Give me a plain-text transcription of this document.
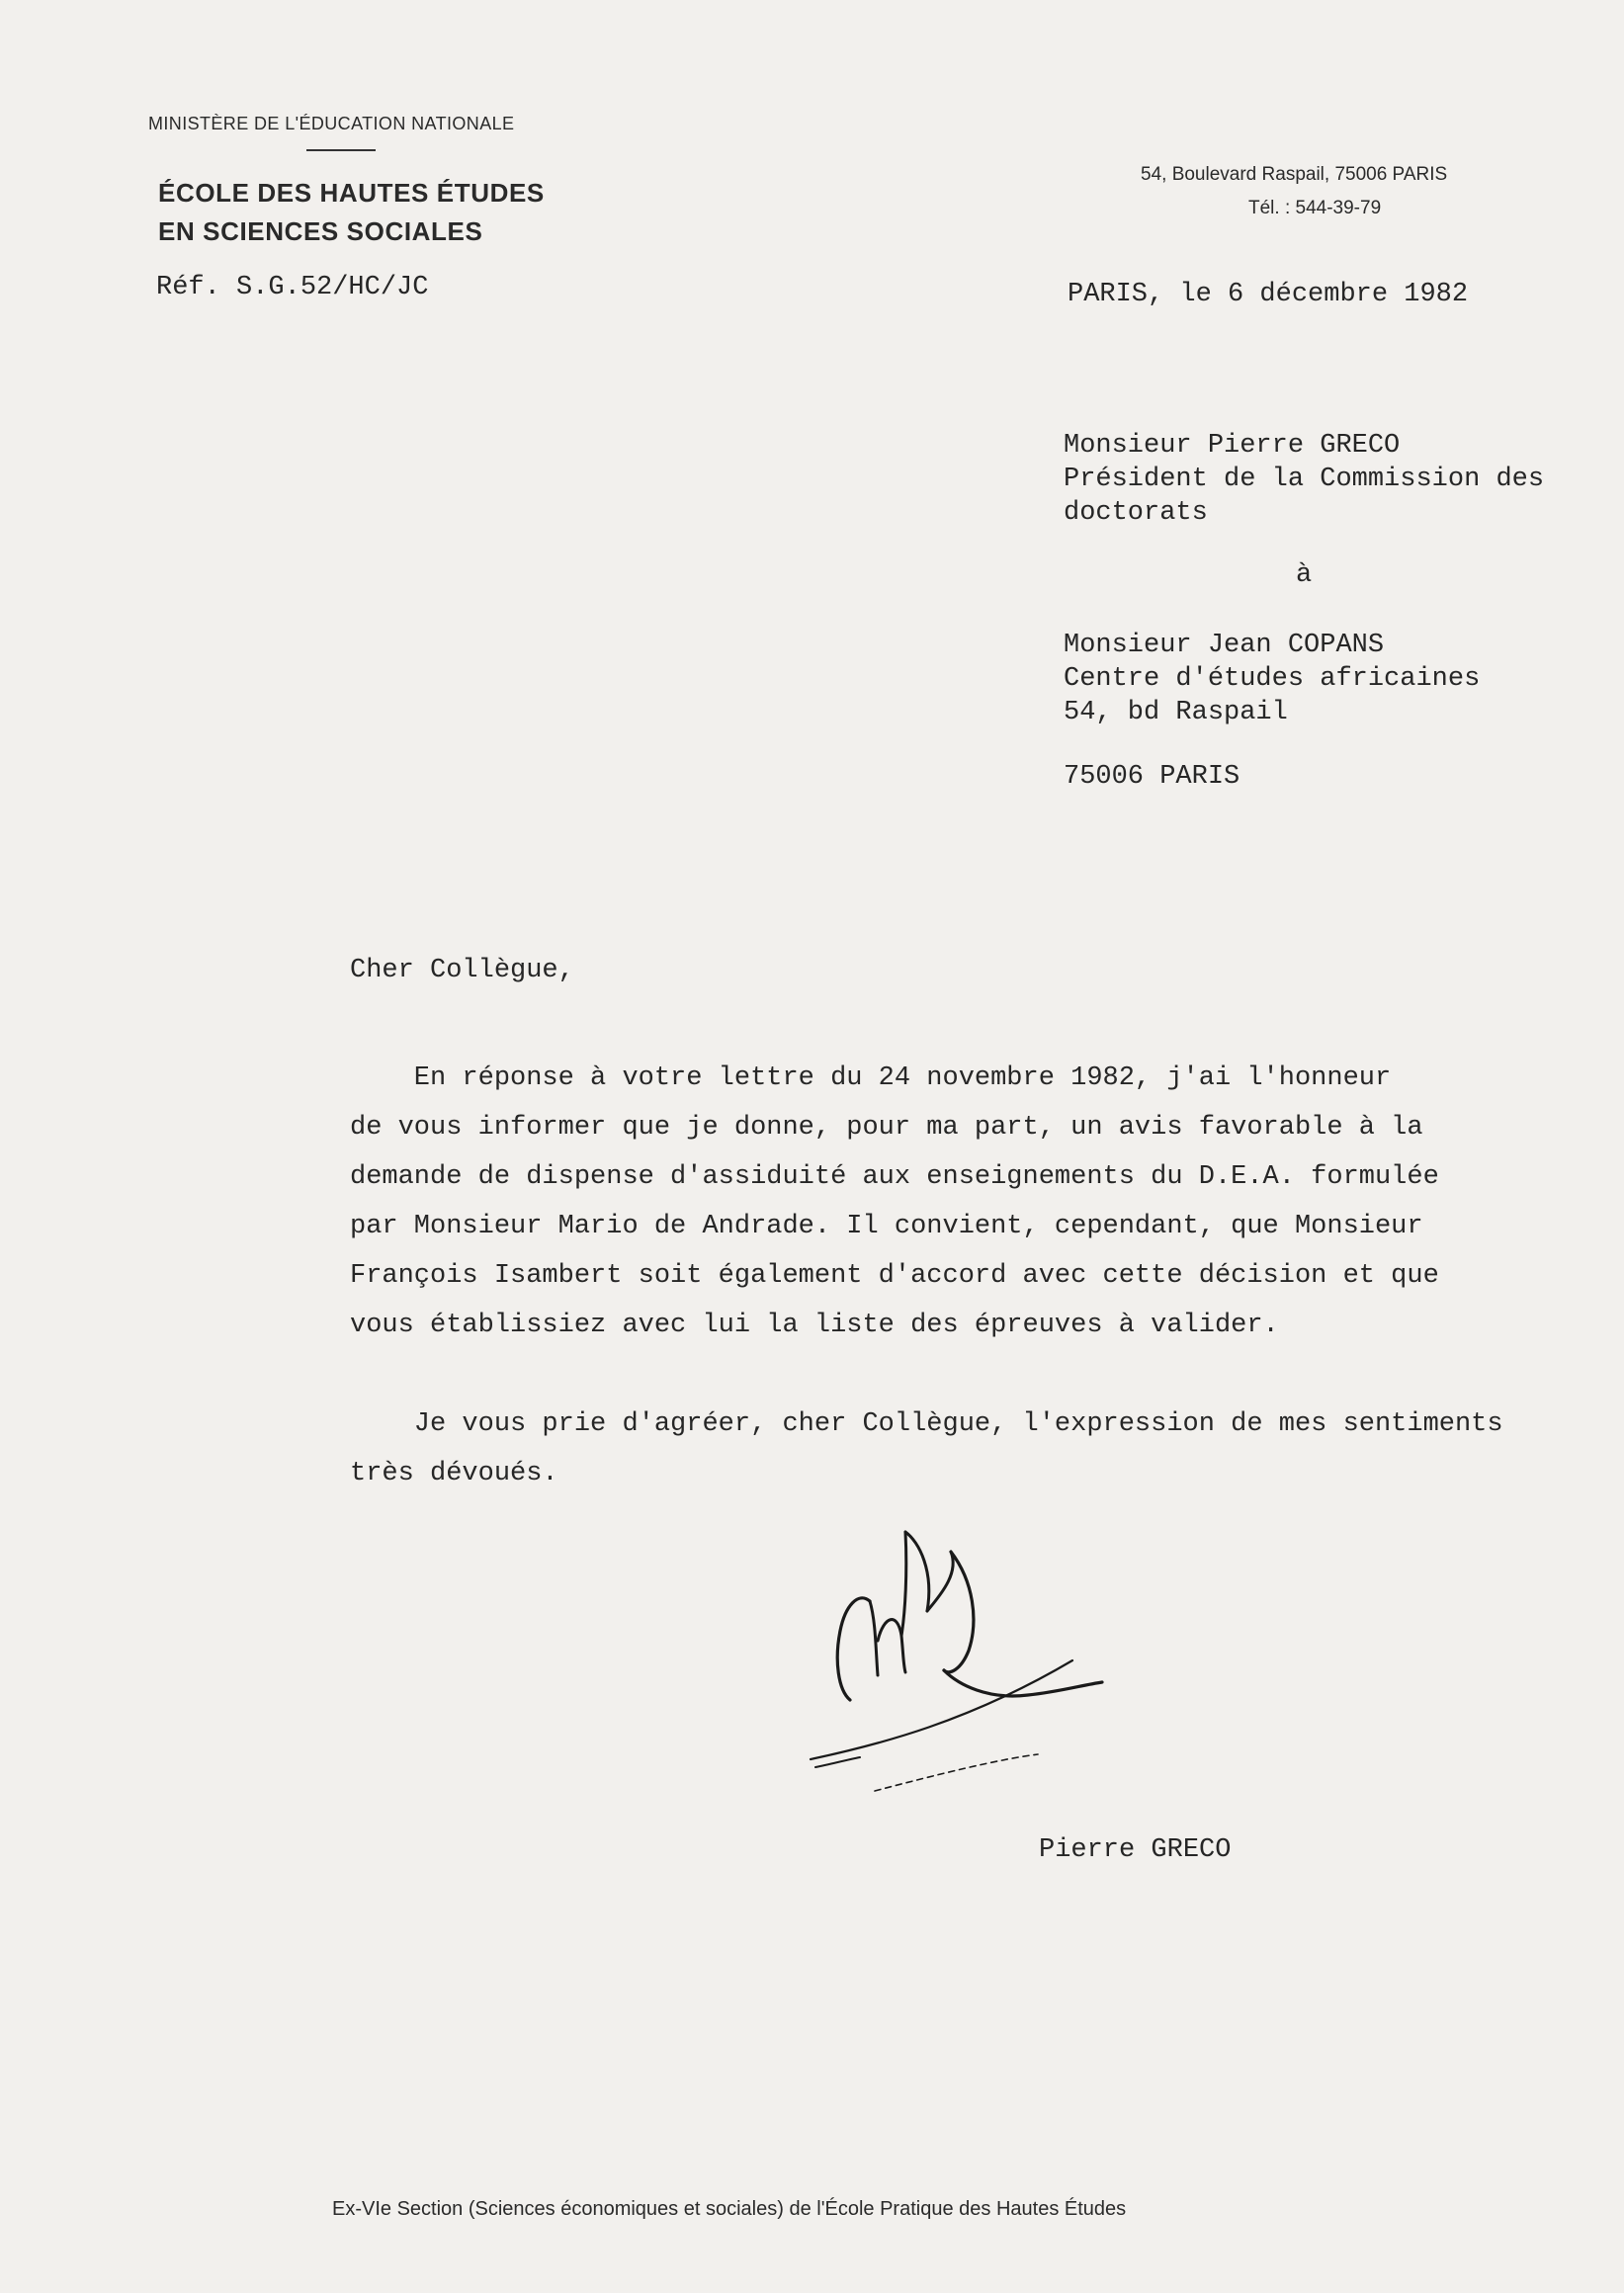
MINISTÈRE DE L'ÉDUCATION NATIONALE
ÉCOLE DES HAUTES ÉTUDES
EN SCIENCES SOCIALES
54, Boulevard Raspail, 75006 PARIS
Tél. : 544-39-79
Réf. S.G.52/HC/JC	PARIS, le 6 décembre 1982
Monsieur Pierre GRECO
Président de la Commission des
doctorats
à
Monsieur Jean COPANS
Centre d'études africaines
54, bd Raspail
75006 PARIS
Cher Collègue,
En réponse à votre lettre du 24 novembre 1982, j'ai l'honneur
de vous informer que je donne, pour ma part, un avis favorable à la
demande de dispense d'assiduité aux enseignements du D.E.A. formulée
par Monsieur Mario de Andrade. Il convient, cependant, que Monsieur
François Isambert soit également d'accord avec cette décision et que
vous établissiez avec lui la liste des épreuves à valider.
Je vous prie d'agréer, cher Collègue, l'expression de mes sentiments
très dévoués.
Pierre GRECO
Ex-VIe Section (Sciences économiques et sociales) de l'École Pratique des Hautes Études
